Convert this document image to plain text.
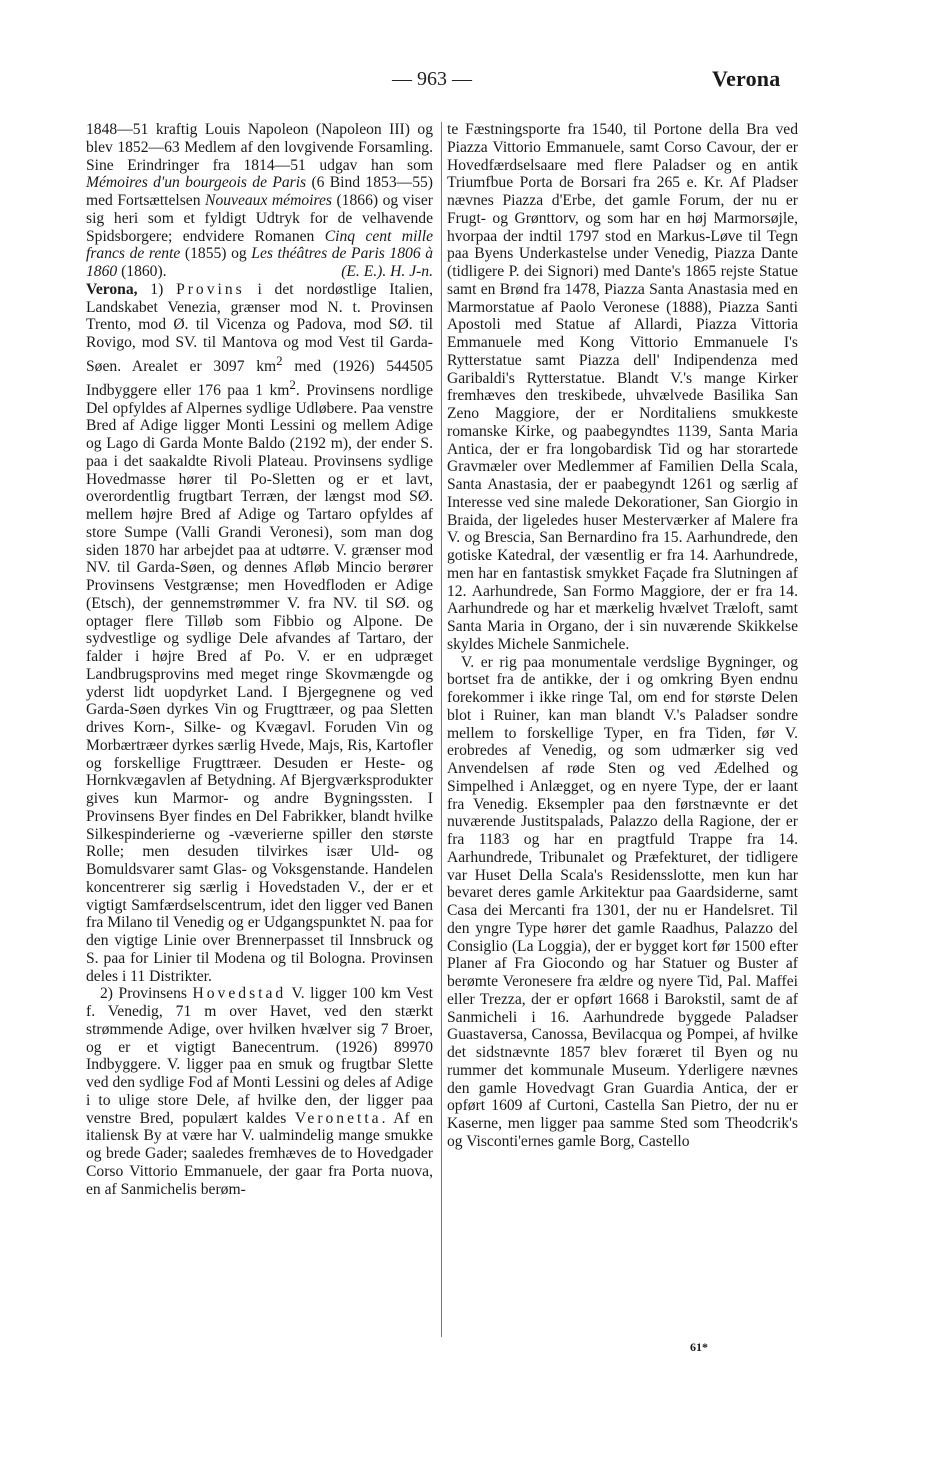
— 963 —	Verona

1848—51 kraftig Louis Napoleon (Napoleon III) og blev 1852—63 Medlem af den lovgivende Forsamling. Sine Erindringer fra 1814—51 udgav han som Mémoires d'un bourgeois de Paris (6 Bind 1853—55) med Fortsættelsen Nouveaux mémoires (1866) og viser sig heri som et fyldigt Udtryk for de velhavende Spidsborgere; endvidere Romanen Cinq cent mille francs de rente (1855) og Les théâtres de Paris 1806 à 1860 (1860).	(E. E.). H. J-n.

Verona, 1) Provins i det nordøstlige Italien, Landskabet Venezia, grænser mod N. t. Provinsen Trento, mod Ø. til Vicenza og Padova, mod SØ. til Rovigo, mod SV. til Mantova og mod Vest til Garda-Søen. Arealet er 3097 $km^2$ med (1926) 544505 Indbyggere eller 176 paa 1 $km^2$. Provinsens nordlige Del opfyldes af Alpernes sydlige Udløbere. Paa venstre Bred af Adige ligger Monti Lessini og mellem Adige og Lago di Garda Monte Baldo (2192 m), der ender S. paa i det saakaldte Rivoli Plateau. Provinsens sydlige Hovedmasse hører til Po-Sletten og er et lavt, overordentlig frugtbart Terræn, der længst mod SØ. mellem højre Bred af Adige og Tartaro opfyldes af store Sumpe (Valli Grandi Veronesi), som man dog siden 1870 har arbejdet paa at udtørre. V. grænser mod NV. til Garda-Søen, og dennes Afløb Mincio berører Provinsens Vestgrænse; men Hovedfloden er Adige (Etsch), der gennemstrømmer V. fra NV. til SØ. og optager flere Tilløb som Fibbio og Alpone. De sydvestlige og sydlige Dele afvandes af Tartaro, der falder i højre Bred af Po. V. er en udpræget Landbrugsprovins med meget ringe Skovmængde og yderst lidt uopdyrket Land. I Bjergegnene og ved Garda-Søen dyrkes Vin og Frugttræer, og paa Sletten drives Korn-, Silke- og Kvægavl. Foruden Vin og Morbærtræer dyrkes særlig Hvede, Majs, Ris, Kartofler og forskellige Frugttræer. Desuden er Heste- og Hornkvægavlen af Betydning. Af Bjergværksprodukter gives kun Marmor- og andre Bygningssten. I Provinsens Byer findes en Del Fabrikker, blandt hvilke Silkespinderierne og -væverierne spiller den største Rolle; men desuden tilvirkes især Uld- og Bomuldsvarer samt Glas- og Voksgenstande. Handelen koncentrerer sig særlig i Hovedstaden V., der er et vigtigt Samfærdselscentrum, idet den ligger ved Banen fra Milano til Venedig og er Udgangspunktet N. paa for den vigtige Linie over Brennerpasset til Innsbruck og S. paa for Linier til Modena og til Bologna. Provinsen deles i 11 Distrikter.

2) Provinsens Hovedstad V. ligger 100 km Vest f. Venedig, 71 m over Havet, ved den stærkt strømmende Adige, over hvilken hvælver sig 7 Broer, og er et vigtigt Banecentrum. (1926) 89970 Indbyggere. V. ligger paa en smuk og frugtbar Slette ved den sydlige Fod af Monti Lessini og deles af Adige i to ulige store Dele, af hvilke den, der ligger paa venstre Bred, populært kaldes Veronetta. Af en italiensk By at være har V. ualmindelig mange smukke og brede Gader; saaledes fremhæves de to Hovedgader Corso Vittorio Emmanuele, der gaar fra Porta nuova, en af Sanmichelis berøm-

te Fæstningsporte fra 1540, til Portone della Bra ved Piazza Vittorio Emmanuele, samt Corso Cavour, der er Hovedfærdselsaare med flere Paladser og en antik Triumfbue Porta de Borsari fra 265 e. Kr. Af Pladser nævnes Piazza d'Erbe, det gamle Forum, der nu er Frugt- og Grønttorv, og som har en høj Marmorsøjle, hvorpaa der indtil 1797 stod en Markus-Løve til Tegn paa Byens Underkastelse under Venedig, Piazza Dante (tidligere P. dei Signori) med Dante's 1865 rejste Statue samt en Brønd fra 1478, Piazza Santa Anastasia med en Marmorstatue af Paolo Veronese (1888), Piazza Santi Apostoli med Statue af Allardi, Piazza Vittoria Emmanuele med Kong Vittorio Emmanuele I's Rytterstatue samt Piazza dell' Indipendenza med Garibaldi's Rytterstatue. Blandt V.'s mange Kirker fremhæves den treskibede, uhvælvede Basilika San Zeno Maggiore, der er Norditaliens smukkeste romanske Kirke, og paabegyndtes 1139, Santa Maria Antica, der er fra longobardisk Tid og har storartede Gravmæler over Medlemmer af Familien Della Scala, Santa Anastasia, der er paabegyndt 1261 og særlig af Interesse ved sine malede Dekorationer, San Giorgio in Braida, der ligeledes huser Mesterværker af Malere fra V. og Brescia, San Bernardino fra 15. Aarhundrede, den gotiske Katedral, der væsentlig er fra 14. Aarhundrede, men har en fantastisk smykket Façade fra Slutningen af 12. Aarhundrede, San Formo Maggiore, der er fra 14. Aarhundrede og har et mærkelig hvælvet Træloft, samt Santa Maria in Organo, der i sin nuværende Skikkelse skyldes Michele Sanmichele.

V. er rig paa monumentale verdslige Bygninger, og bortset fra de antikke, der i og omkring Byen endnu forekommer i ikke ringe Tal, om end for største Delen blot i Ruiner, kan man blandt V.'s Paladser sondre mellem to forskellige Typer, en fra Tiden, før V. erobredes af Venedig, og som udmærker sig ved Anvendelsen af røde Sten og ved Ædelhed og Simpelhed i Anlægget, og en nyere Type, der er laant fra Venedig. Eksempler paa den førstnævnte er det nuværende Justitspalads, Palazzo della Ragione, der er fra 1183 og har en pragtfuld Trappe fra 14. Aarhundrede, Tribunalet og Præfekturet, der tidligere var Huset Della Scala's Residensslotte, men kun har bevaret deres gamle Arkitektur paa Gaardsiderne, samt Casa dei Mercanti fra 1301, der nu er Handelsret. Til den yngre Type hører det gamle Raadhus, Palazzo del Consiglio (La Loggia), der er bygget kort før 1500 efter Planer af Fra Giocondo og har Statuer og Buster af berømte Veronesere fra ældre og nyere Tid, Pal. Maffei eller Trezza, der er opført 1668 i Barokstil, samt de af Sanmicheli i 16. Aarhundrede byggede Paladser Guastaversa, Canossa, Bevilacqua og Pompei, af hvilke det sidstnævnte 1857 blev foræret til Byen og nu rummer det kommunale Museum. Yderligere nævnes den gamle Hovedvagt Gran Guardia Antica, der er opført 1609 af Curtoni, Castella San Pietro, der nu er Kaserne, men ligger paa samme Sted som Theodcrik's og Visconti'ernes gamle Borg, Castello

61*
